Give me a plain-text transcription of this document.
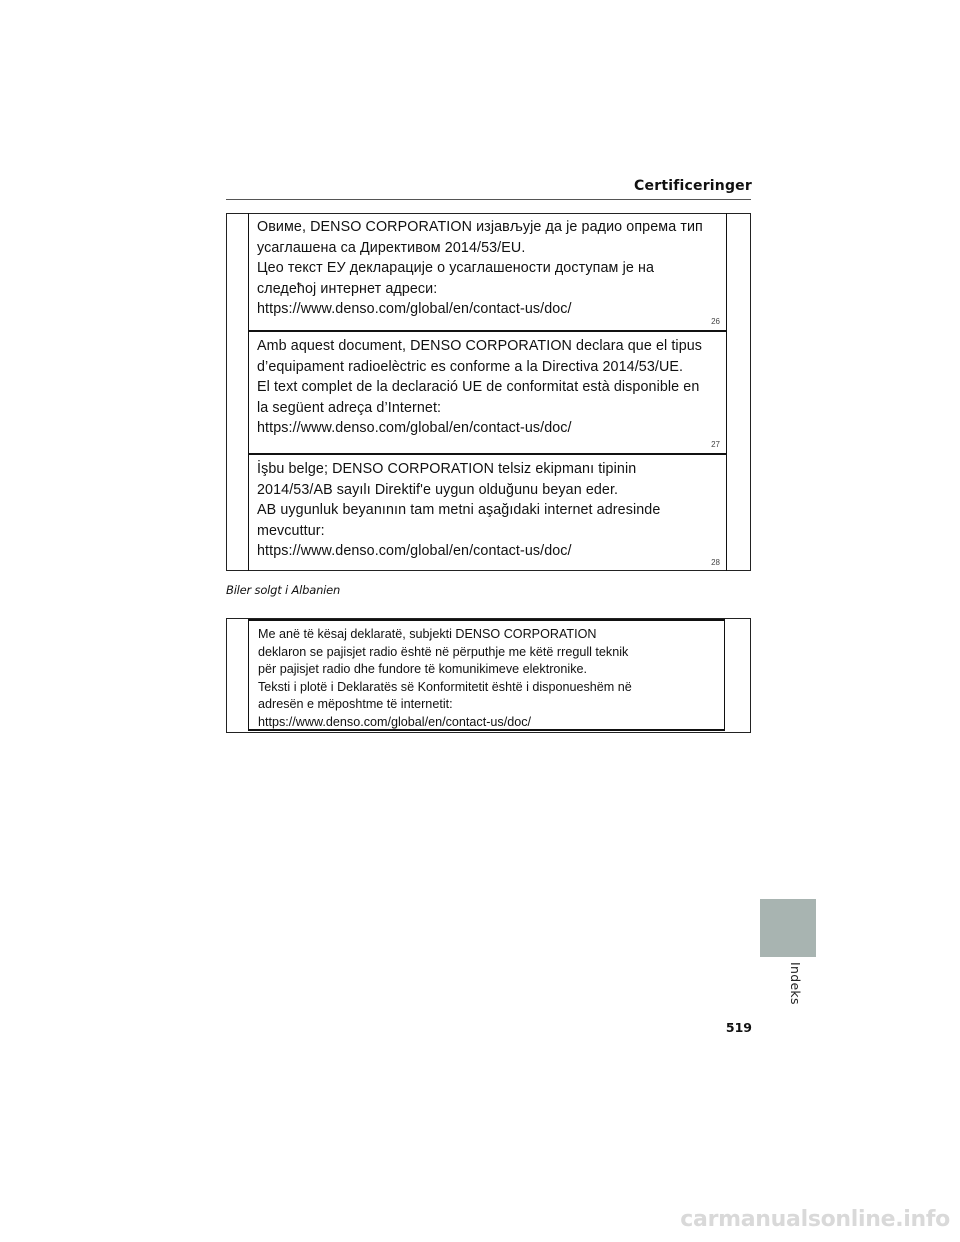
Certificeringer
Овиме, DENSO CORPORATION изјављује да је радио опрема тип
усаглашена са Директивом 2014/53/EU.
Цео текст ЕУ декларације о усаглашености доступам је на
следећој интернет адреси:
https://www.denso.com/global/en/contact-us/doc/
26
Amb aquest document, DENSO CORPORATION declara que el tipus
d’equipament radioelèctric es conforme a la Directiva 2014/53/UE.
El text complet de la declaració UE de conformitat està disponible en
la següent adreça d’Internet:
https://www.denso.com/global/en/contact-us/doc/
27
İşbu belge; DENSO CORPORATION telsiz ekipmanı tipinin
2014/53/AB sayılı Direktif'e uygun olduğunu beyan eder.
AB uygunluk beyanının tam metni aşağıdaki internet adresinde
mevcuttur:
https://www.denso.com/global/en/contact-us/doc/
28
Biler solgt i Albanien
Me anë të kësaj deklaratë, subjekti DENSO CORPORATION
deklaron se pajisjet radio është në përputhje me këtë rregull teknik
për pajisjet radio dhe fundore të komunikimeve elektronike.
Teksti i plotë i Deklaratës së Konformitetit është i disponueshëm në
adresën e mëposhtme të internetit:
https://www.denso.com/global/en/contact-us/doc/
Indeks
519
carmanualsonline.info
